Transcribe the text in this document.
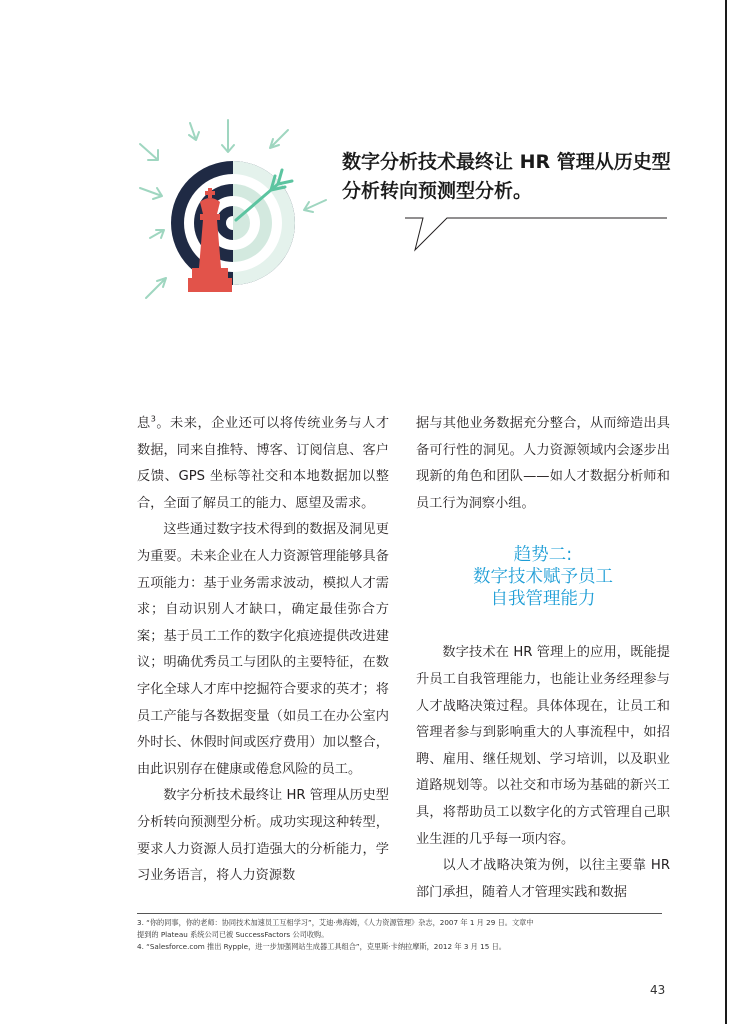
数字分析技术最终让 HR 管理从历史型分析转向预测型分析。

息$^3$。未来，企业还可以将传统业务与人才数据，同来自推特、博客、订阅信息、客户反馈、GPS 坐标等社交和本地数据加以整合，全面了解员工的能力、愿望及需求。

这些通过数字技术得到的数据及洞见更为重要。未来企业在人力资源管理能够具备五项能力：基于业务需求波动，模拟人才需求；自动识别人才缺口，确定最佳弥合方案；基于员工工作的数字化痕迹提供改进建议；明确优秀员工与团队的主要特征，在数字化全球人才库中挖掘符合要求的英才；将员工产能与各数据变量（如员工在办公室内外时长、休假时间或医疗费用）加以整合，由此识别存在健康或倦怠风险的员工。

数字分析技术最终让 HR 管理从历史型分析转向预测型分析。成功实现这种转型，要求人力资源人员打造强大的分析能力，学习业务语言，将人力资源数

据与其他业务数据充分整合，从而缔造出具备可行性的洞见。人力资源领域内会逐步出现新的角色和团队——如人才数据分析师和员工行为洞察小组。

趋势二:
数字技术赋予员工
自我管理能力

数字技术在 HR 管理上的应用，既能提升员工自我管理能力，也能让业务经理参与人才战略决策过程。具体体现在，让员工和管理者参与到影响重大的人事流程中，如招聘、雇用、继任规划、学习培训，以及职业道路规划等。以社交和市场为基础的新兴工具，将帮助员工以数字化的方式管理自己职业生涯的几乎每一项内容。

以人才战略决策为例，以往主要靠 HR 部门承担，随着人才管理实践和数据

3. “你的同事，你的老师：协同技术加速员工互相学习”，艾迪·弗海姆，《人力资源管理》杂志，2007 年 1 月 29 日。文章中
提到的 Plateau 系统公司已被 SuccessFactors 公司收购。
4. “Salesforce.com 推出 Rypple，进一步加强网站生成器工具组合”，克里斯·卡纳拉摩斯，2012 年 3 月 15 日。
43
